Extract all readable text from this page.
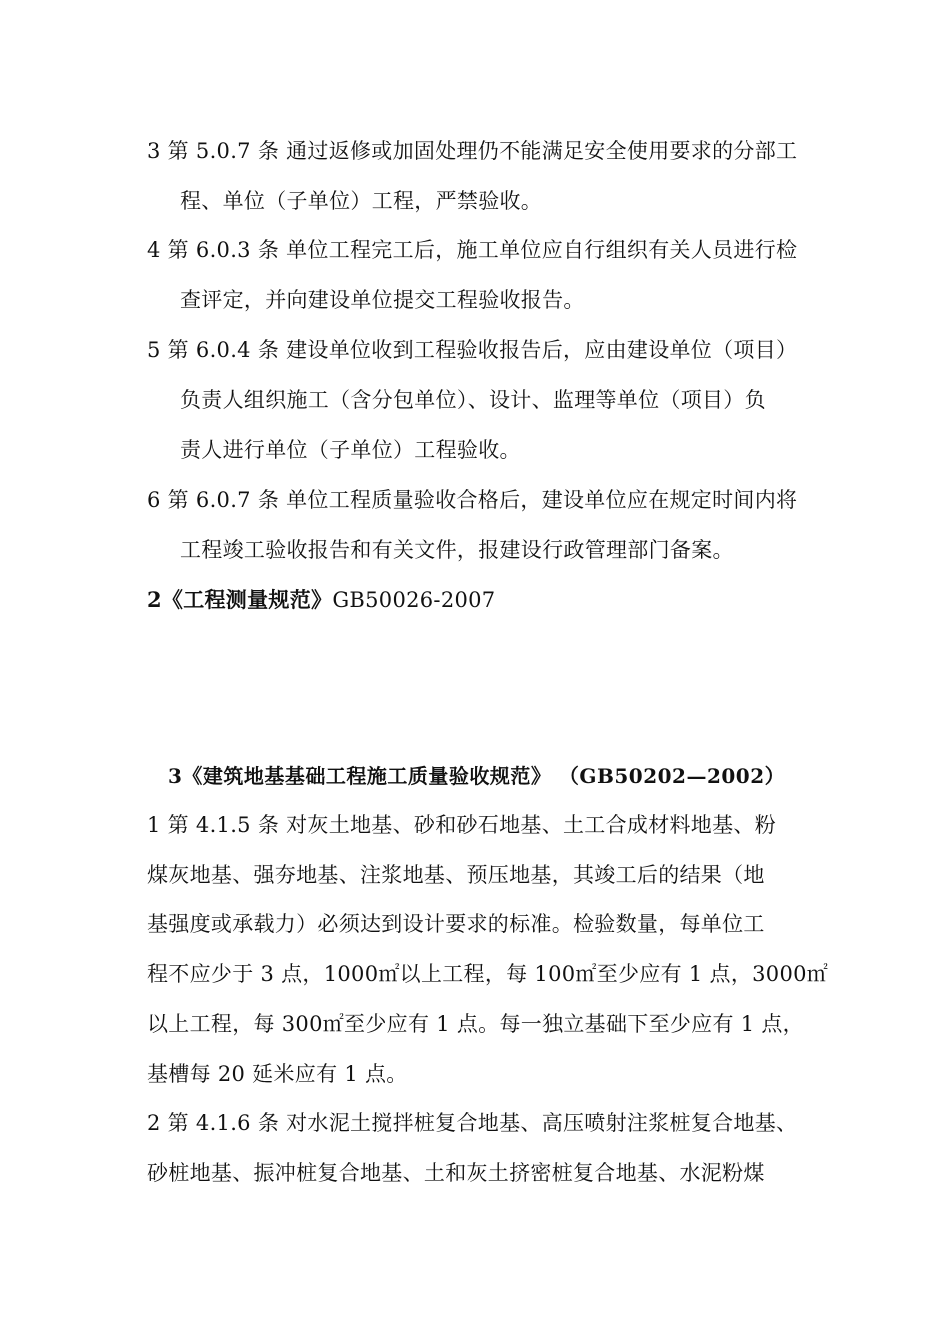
3 第 5.0.7 条 通过返修或加固处理仍不能满足安全使用要求的分部工
程、单位（子单位）工程，严禁验收。
4 第 6.0.3 条 单位工程完工后，施工单位应自行组织有关人员进行检
查评定，并向建设单位提交工程验收报告。
5 第 6.0.4 条 建设单位收到工程验收报告后，应由建设单位（项目）
负责人组织施工（含分包单位）、设计、监理等单位（项目）负
责人进行单位（子单位）工程验收。
6 第 6.0.7 条 单位工程质量验收合格后，建设单位应在规定时间内将
工程竣工验收报告和有关文件，报建设行政管理部门备案。
2《工程测量规范》GB50026-2007
3《建筑地基基础工程施工质量验收规范》 （GB50202—2002）
1 第 4.1.5 条 对灰土地基、砂和砂石地基、土工合成材料地基、粉
煤灰地基、强夯地基、注浆地基、预压地基，其竣工后的结果（地
基强度或承载力）必须达到设计要求的标准。检验数量，每单位工
程不应少于 3 点，1000㎡以上工程，每 100㎡至少应有 1 点，3000㎡
以上工程，每 300㎡至少应有 1 点。每一独立基础下至少应有 1 点，
基槽每 20 延米应有 1 点。
2 第 4.1.6 条 对水泥土搅拌桩复合地基、高压喷射注浆桩复合地基、
砂桩地基、振冲桩复合地基、土和灰土挤密桩复合地基、水泥粉煤
